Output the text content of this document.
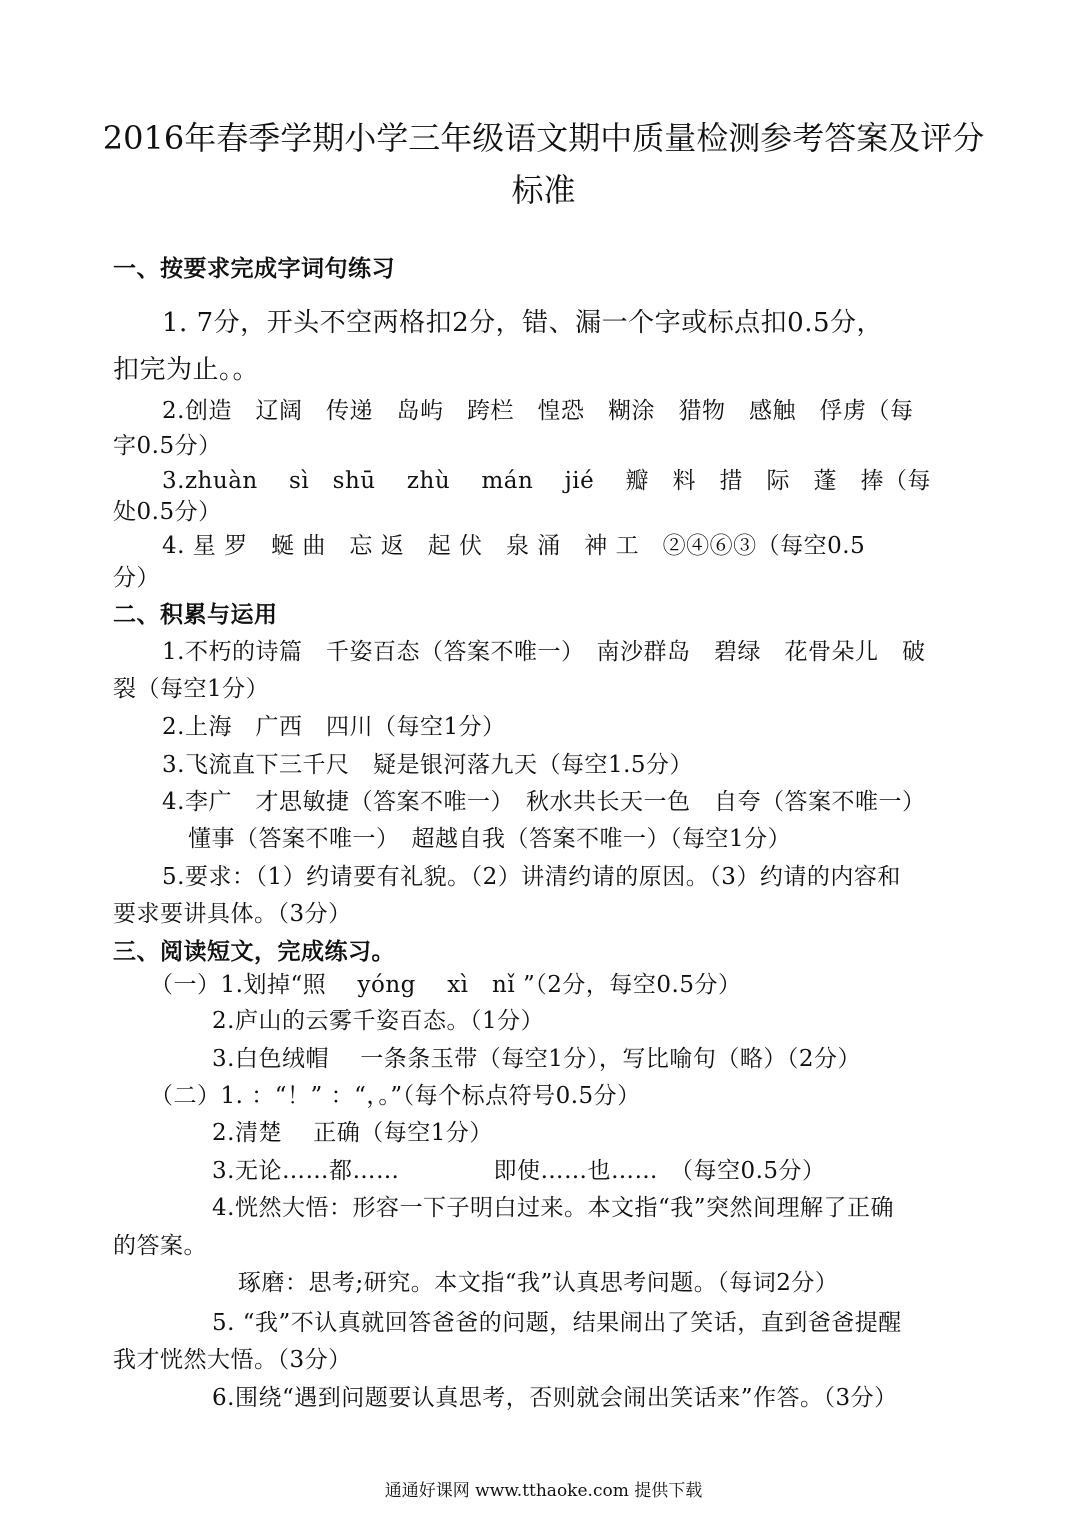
2016年春季学期小学三年级语文期中质量检测参考答案及评分
标准
一、按要求完成字词句练习
1. 7分，开头不空两格扣2分，错、漏一个字或标点扣0.5分，
扣完为止。。
2.创造　辽阔　传递　岛屿　跨栏　惶恐　糊涂　猎物　感触　俘虏（每
字0.5分）
3.zhuàn　 sì　shū　 zhù　 mán　 jié　 瓣　料　措　际　蓬　捧（每
处0.5分）
4. 星 罗　蜒 曲　忘 返　起 伏　泉 涌　神 工　②④⑥③（每空0.5
分）
二、积累与运用
1.不朽的诗篇　千姿百态（答案不唯一）　南沙群岛　碧绿　花骨朵儿　破
裂（每空1分）
2.上海　广西　四川（每空1分）
3.飞流直下三千尺　疑是银河落九天（每空1.5分）
4.李广　才思敏捷（答案不唯一）　秋水共长天一色　自夸（答案不唯一）
懂事（答案不唯一）　超越自我（答案不唯一）（每空1分）
5.要求：（1）约请要有礼貌。（2）讲清约请的原因。（3）约请的内容和
要求要讲具体。（3分）
三、阅读短文，完成练习。
（一）1.划掉“照　 yóng　 xì　nǐ ”（2分，每空0.5分）
2.庐山的云雾千姿百态。（1分）
3.白色绒帽　 一条条玉带（每空1分），写比喻句（略）（2分）
（二）1. ：“！” ：“，。”（每个标点符号0.5分）
2.清楚　 正确（每空1分）
3.无论……都……　　　　即使……也……　（每空0.5分）
4.恍然大悟：形容一下子明白过来。本文指“我”突然间理解了正确
的答案。
琢磨：思考;研究。本文指“我”认真思考问题。（每词2分）
5. “我”不认真就回答爸爸的问题，结果闹出了笑话，直到爸爸提醒
我才恍然大悟。（3分）
6.围绕“遇到问题要认真思考，否则就会闹出笑话来”作答。（3分）
通通好课网 www.tthaoke.com 提供下载
